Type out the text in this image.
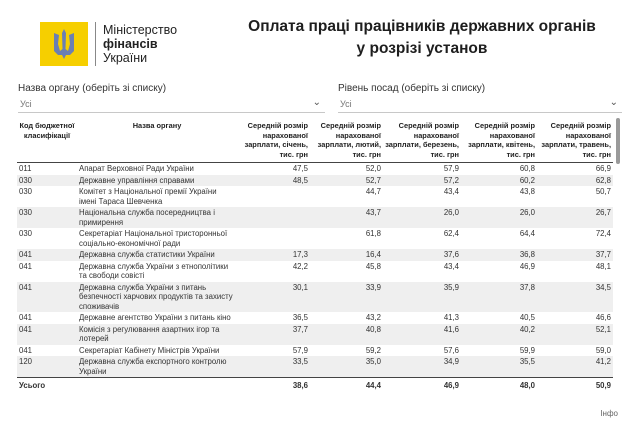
Міністерство
фінансів
України
Оплата праці працівників державних органів
у розрізі установ
Назва органу (оберіть зі списку)
Усі	⌄
Рівень посад (оберіть зі списку)
Усі	⌄
Код бюджетної класифікації	Назва органу	Середній розмір нарахованої зарплати, січень, тис. грн	Середній розмір нарахованої зарплати, лютий, тис. грн	Середній розмір нарахованої зарплати, березень, тис. грн	Середній розмір нарахованої зарплати, квітень, тис. грн	Середній розмір нарахованої зарплати, травень, тис. грн
011	Апарат Верховної Ради України	47,5	52,0	57,9	60,8	66,9
030	Державне управління справами	48,5	52,7	57,2	60,2	62,8
030	Комітет з Національної премії України імені Тараса Шевченка		44,7	43,4	43,8	50,7
030	Національна служба посередництва і примирення		43,7	26,0	26,0	26,7
030	Секретаріат Національної тристоронньої соціально-економічної ради		61,8	62,4	64,4	72,4
041	Державна служба статистики України	17,3	16,4	37,6	36,8	37,7
041	Державна служба України з етнополітики та свободи совісті	42,2	45,8	43,4	46,9	48,1
041	Державна служба України з питань безпечності харчових продуктів та захисту споживачів	30,1	33,9	35,9	37,8	34,5
041	Державне агентство України з питань кіно	36,5	43,2	41,3	40,5	46,6
041	Комісія з регулювання азартних ігор та лотерей	37,7	40,8	41,6	40,2	52,1
041	Секретаріат Кабінету Міністрів України	57,9	59,2	57,6	59,9	59,0
120	Державна служба експортного контролю України	33,5	35,0	34,9	35,5	41,2
Усього		38,6	44,4	46,9	48,0	50,9
Інфо
